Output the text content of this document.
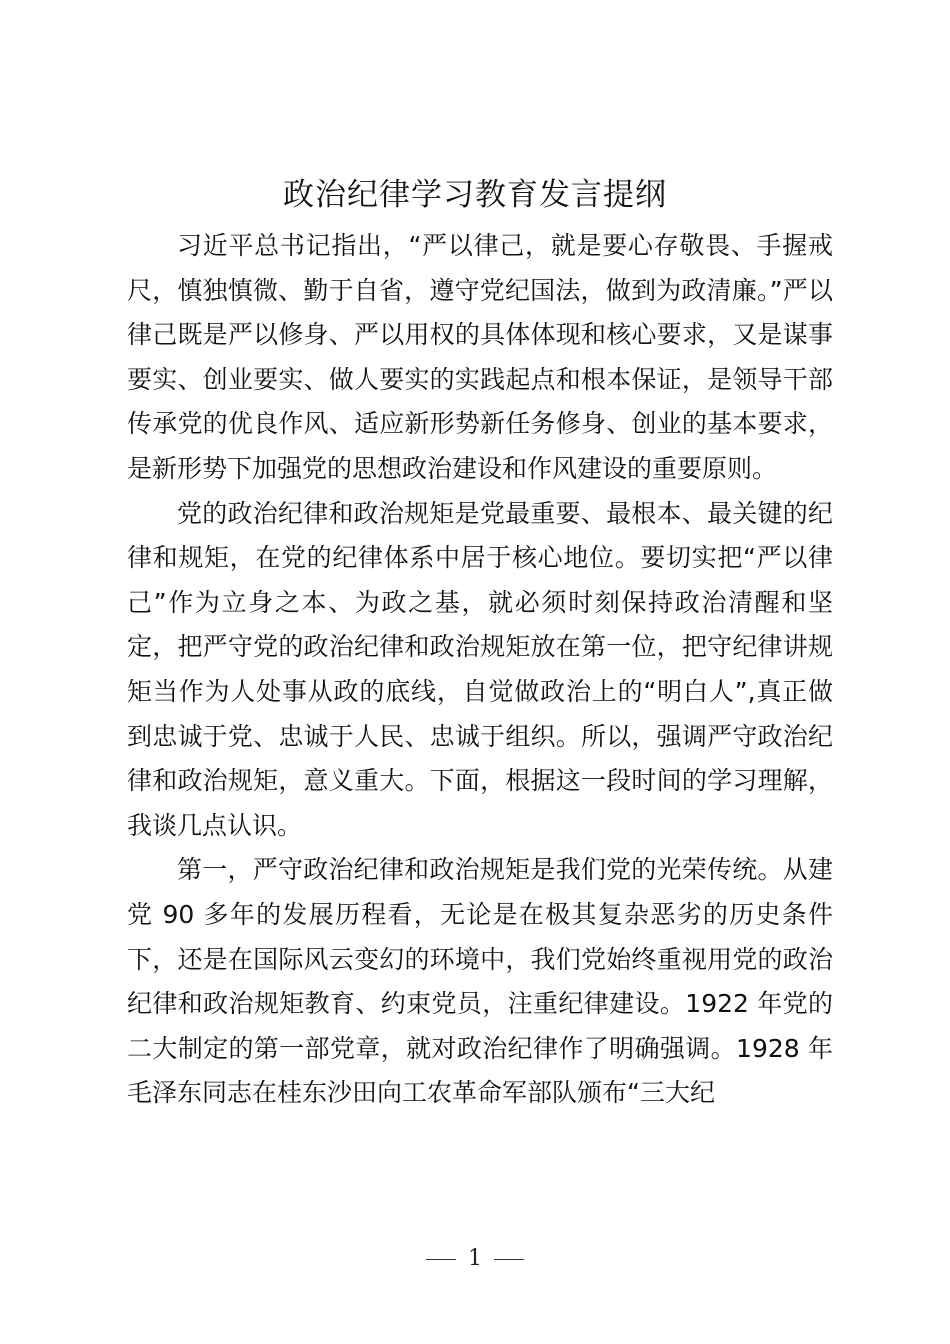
政治纪律学习教育发言提纲

习近平总书记指出，“严以律己，就是要心存敬畏、手握戒尺，慎独慎微、勤于自省，遵守党纪国法，做到为政清廉。”严以律己既是严以修身、严以用权的具体体现和核心要求，又是谋事要实、创业要实、做人要实的实践起点和根本保证，是领导干部传承党的优良作风、适应新形势新任务修身、创业的基本要求，是新形势下加强党的思想政治建设和作风建设的重要原则。

党的政治纪律和政治规矩是党最重要、最根本、最关键的纪律和规矩，在党的纪律体系中居于核心地位。要切实把“严以律己”作为立身之本、为政之基，就必须时刻保持政治清醒和坚定，把严守党的政治纪律和政治规矩放在第一位，把守纪律讲规矩当作为人处事从政的底线，自觉做政治上的“明白人”,真正做到忠诚于党、忠诚于人民、忠诚于组织。所以，强调严守政治纪律和政治规矩，意义重大。下面，根据这一段时间的学习理解，我谈几点认识。

第一，严守政治纪律和政治规矩是我们党的光荣传统。从建党 90 多年的发展历程看，无论是在极其复杂恶劣的历史条件下，还是在国际风云变幻的环境中，我们党始终重视用党的政治纪律和政治规矩教育、约束党员，注重纪律建设。1922 年党的二大制定的第一部党章，就对政治纪律作了明确强调。1928 年毛泽东同志在桂东沙田向工农革命军部队颁布“三大纪

1
